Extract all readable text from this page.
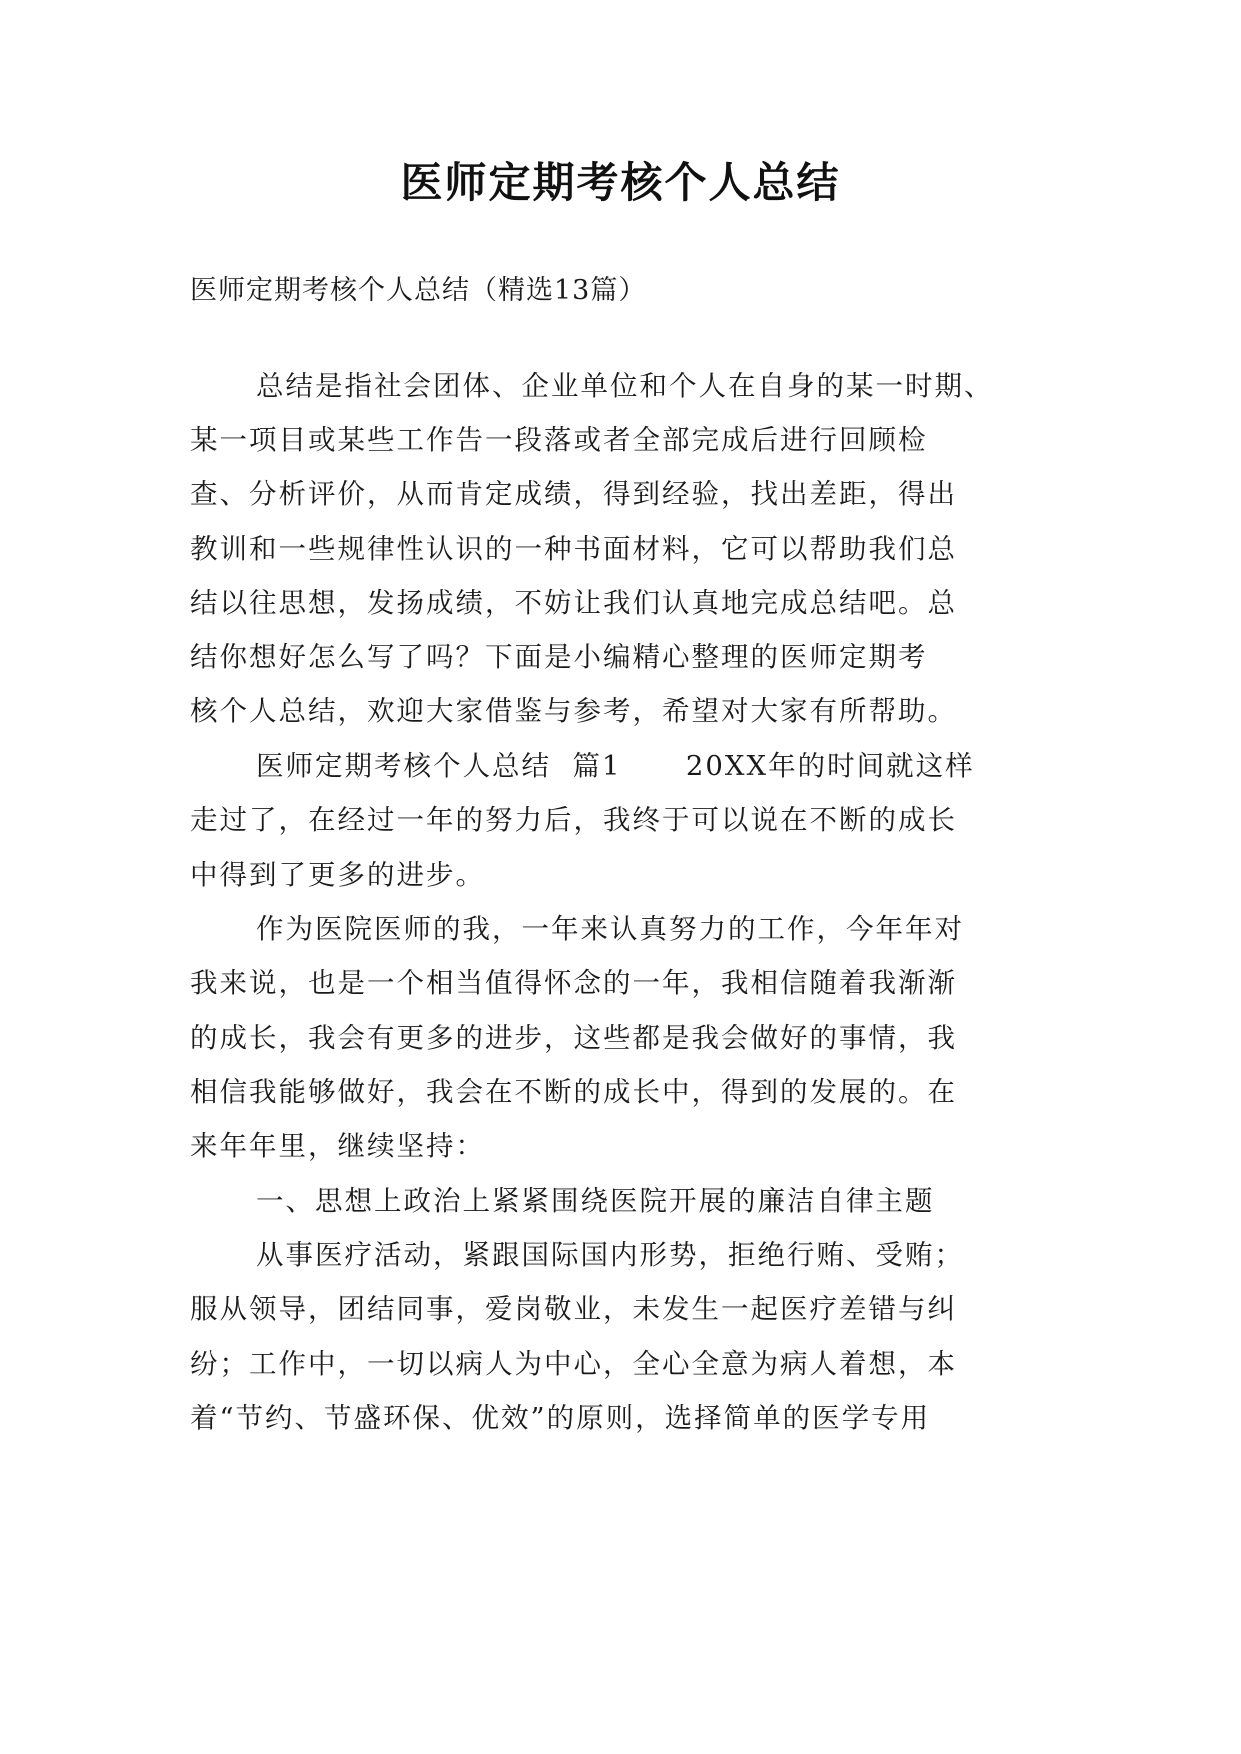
医师定期考核个人总结
医师定期考核个人总结（精选13篇）
总结是指社会团体、企业单位和个人在自身的某一时期、
某一项目或某些工作告一段落或者全部完成后进行回顾检
查、分析评价，从而肯定成绩，得到经验，找出差距，得出
教训和一些规律性认识的一种书面材料，它可以帮助我们总
结以往思想，发扬成绩，不妨让我们认真地完成总结吧。总
结你想好怎么写了吗？下面是小编精心整理的医师定期考
核个人总结，欢迎大家借鉴与参考，希望对大家有所帮助。
医师定期考核个人总结  篇1      20XX年的时间就这样
走过了，在经过一年的努力后，我终于可以说在不断的成长
中得到了更多的进步。
作为医院医师的我，一年来认真努力的工作，今年年对
我来说，也是一个相当值得怀念的一年，我相信随着我渐渐
的成长，我会有更多的进步，这些都是我会做好的事情，我
相信我能够做好，我会在不断的成长中，得到的发展的。在
来年年里，继续坚持：
一、思想上政治上紧紧围绕医院开展的廉洁自律主题
从事医疗活动，紧跟国际国内形势，拒绝行贿、受贿；
服从领导，团结同事，爱岗敬业，未发生一起医疗差错与纠
纷；工作中，一切以病人为中心，全心全意为病人着想，本
着“节约、节盛环保、优效”的原则，选择简单的医学专用
